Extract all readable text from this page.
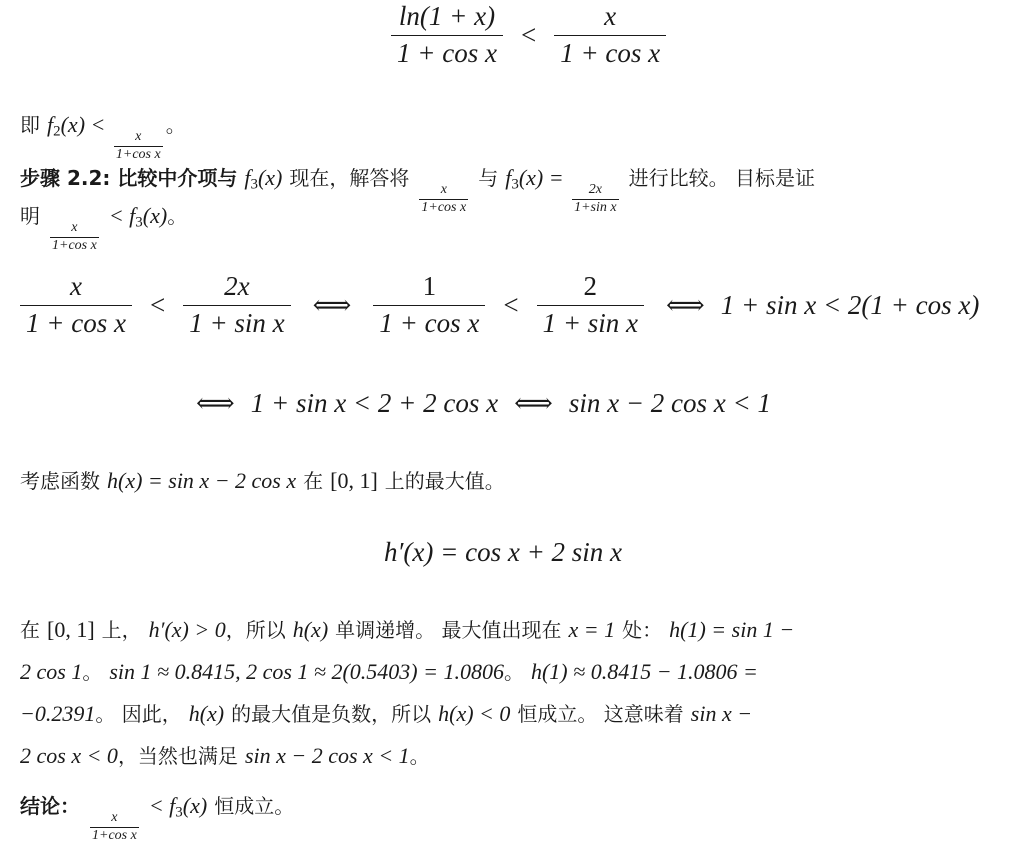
$\frac{\ln(1 + x)}{\text{1 + cos x}} < \frac{x}{\text{1 + cos x}}$
即 $f_2(x)$ <
$\frac{x}{\text{1+cos x}}$
。
步骤 2.2: 比较中介项与 $f_3(x)$ 现在，解答将
$\frac{x}{\text{1+cos x}}$
与 $f_3(x)$ =
$\frac{2x}{\text{1+sin x}}$
进行比较。 目标是证
明
$\frac{x}{\text{1+cos x}}$
< $f_3(x)$。
$\frac{x}{\text{1 + cos x}} < \frac{2x}{\text{1 + sin x}}$ ⟺ $\frac{1}{\text{1 + cos x}} < \frac{2}{\text{1 + sin x}}$ ⟺ 1 + sin x < 2(1 + cos x)
⟺ 1 + sin x < 2 + 2 cos x ⟺ sin x − 2 cos x < 1
考虑函数 h(x) = sin x − 2 cos x 在 [0, 1] 上的最大值。
h′(x) = cos x + 2 sin x
在 [0, 1] 上， h′(x) > 0，所以 h(x) 单调递增。 最大值出现在 x = 1 处： h(1) = sin 1 −
2 cos 1。 sin 1 ≈ 0.8415, 2 cos 1 ≈ 2(0.5403) = 1.0806。 h(1) ≈ 0.8415 − 1.0806 =
−0.2391。 因此， h(x) 的最大值是负数，所以 h(x) < 0 恒成立。 这意味着 sin x −
2 cos x < 0，当然也满足 sin x − 2 cos x < 1。
结论：
$\frac{x}{\text{1+cos x}}$
< $f_3(x)$ 恒成立。
